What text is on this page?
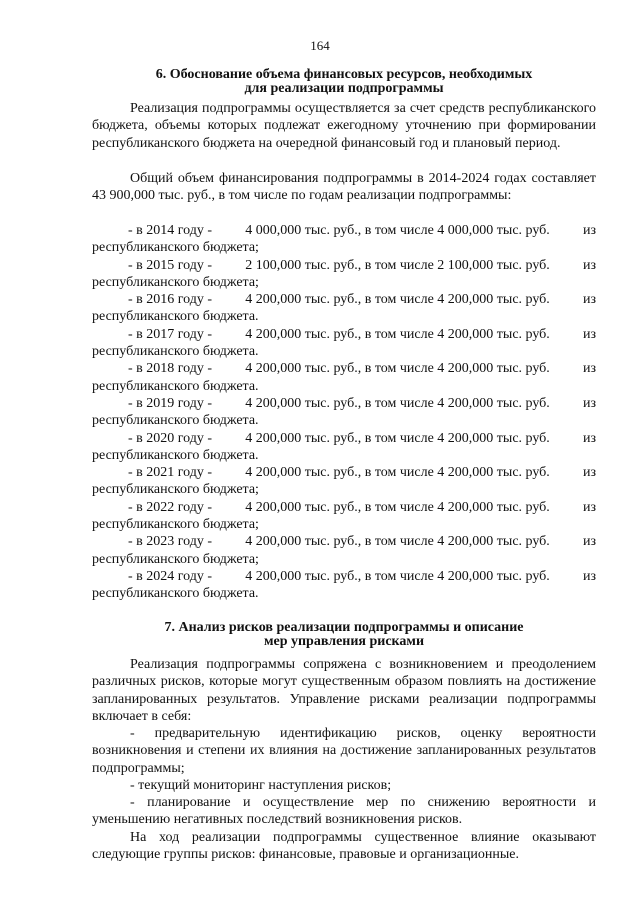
164
6. Обоснование объема финансовых ресурсов, необходимых
для реализации подпрограммы
Реализация подпрограммы осуществляется за счет средств республиканского бюджета, объемы которых подлежат ежегодному уточнению при формировании республиканского бюджета на очередной финансовый год и плановый период.
Общий объем финансирования подпрограммы в 2014-2024 годах составляет 43 900,000 тыс. руб., в том числе по годам реализации подпрограммы:
- в 2014 году - 4 000,000 тыс. руб., в том числе 4 000,000 тыс. руб. из
республиканского бюджета;
- в 2015 году - 2 100,000 тыс. руб., в том числе 2 100,000 тыс. руб. из
республиканского бюджета;
- в 2016 году - 4 200,000 тыс. руб., в том числе 4 200,000 тыс. руб. из
республиканского бюджета.
- в 2017 году - 4 200,000 тыс. руб., в том числе 4 200,000 тыс. руб. из
республиканского бюджета.
- в 2018 году - 4 200,000 тыс. руб., в том числе 4 200,000 тыс. руб. из
республиканского бюджета.
- в 2019 году - 4 200,000 тыс. руб., в том числе 4 200,000 тыс. руб. из
республиканского бюджета.
- в 2020 году - 4 200,000 тыс. руб., в том числе 4 200,000 тыс. руб. из
республиканского бюджета.
- в 2021 году - 4 200,000 тыс. руб., в том числе 4 200,000 тыс. руб. из
республиканского бюджета;
- в 2022 году - 4 200,000 тыс. руб., в том числе 4 200,000 тыс. руб. из
республиканского бюджета;
- в 2023 году - 4 200,000 тыс. руб., в том числе 4 200,000 тыс. руб. из
республиканского бюджета;
- в 2024 году - 4 200,000 тыс. руб., в том числе 4 200,000 тыс. руб. из
республиканского бюджета.
7. Анализ рисков реализации подпрограммы и описание
мер управления рисками
Реализация подпрограммы сопряжена с возникновением и преодолением различных рисков, которые могут существенным образом повлиять на достижение запланированных результатов. Управление рисками реализации подпрограммы включает в себя:
- предварительную идентификацию рисков, оценку вероятности возникновения и степени их влияния на достижение запланированных результатов подпрограммы;
- текущий мониторинг наступления рисков;
- планирование и осуществление мер по снижению вероятности и уменьшению негативных последствий возникновения рисков.
На ход реализации подпрограммы существенное влияние оказывают следующие группы рисков: финансовые, правовые и организационные.
